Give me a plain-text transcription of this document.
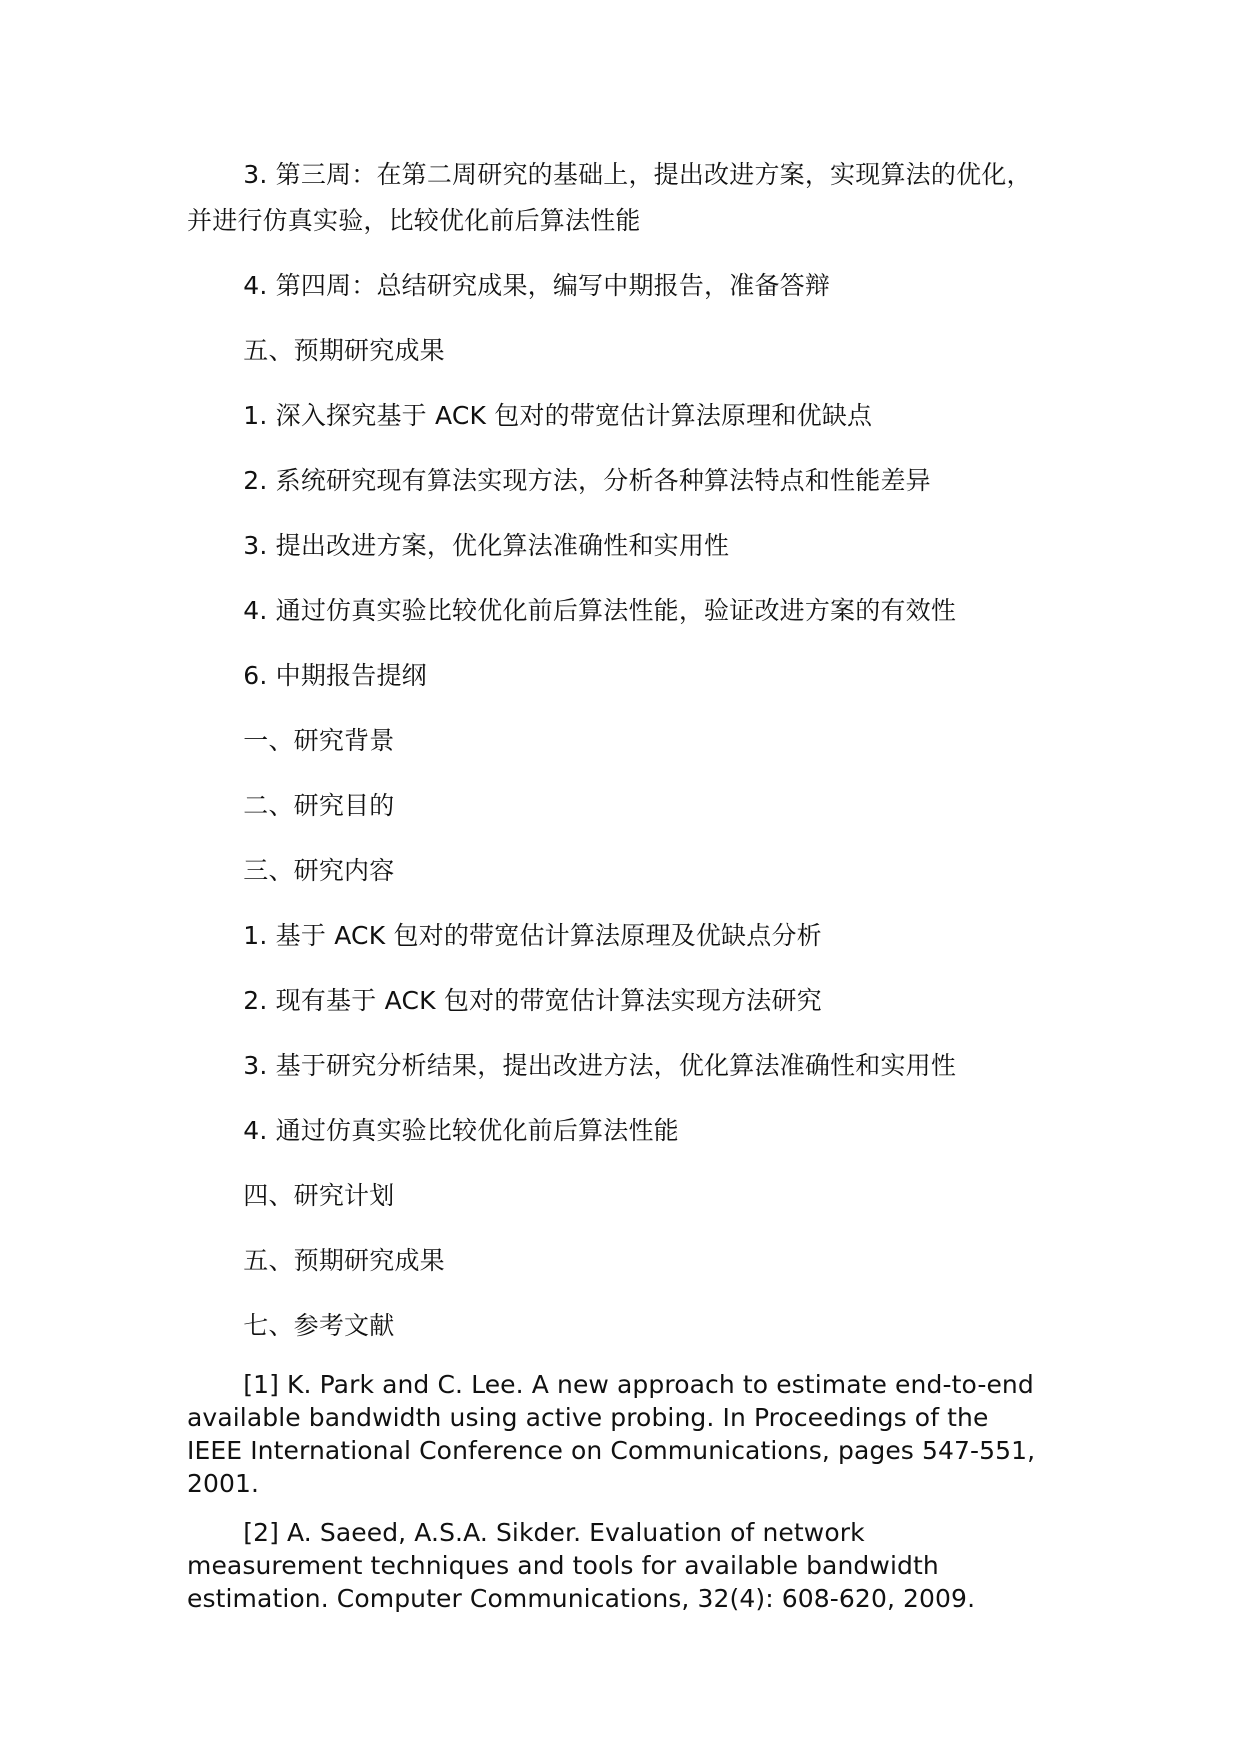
3. 第三周：在第二周研究的基础上，提出改进方案，实现算法的优化，并进行仿真实验，比较优化前后算法性能

4. 第四周：总结研究成果，编写中期报告，准备答辩

五、预期研究成果

1. 深入探究基于 ACK 包对的带宽估计算法原理和优缺点

2. 系统研究现有算法实现方法，分析各种算法特点和性能差异

3. 提出改进方案，优化算法准确性和实用性

4. 通过仿真实验比较优化前后算法性能，验证改进方案的有效性

6. 中期报告提纲

一、研究背景

二、研究目的

三、研究内容

1. 基于 ACK 包对的带宽估计算法原理及优缺点分析

2. 现有基于 ACK 包对的带宽估计算法实现方法研究

3. 基于研究分析结果，提出改进方法，优化算法准确性和实用性

4. 通过仿真实验比较优化前后算法性能

四、研究计划

五、预期研究成果

七、参考文献

[1] K. Park and C. Lee. A new approach to estimate end-to-end available bandwidth using active probing. In Proceedings of the IEEE International Conference on Communications, pages 547-551, 2001.

[2] A. Saeed, A.S.A. Sikder. Evaluation of network measurement techniques and tools for available bandwidth estimation. Computer Communications, 32(4): 608-620, 2009.
